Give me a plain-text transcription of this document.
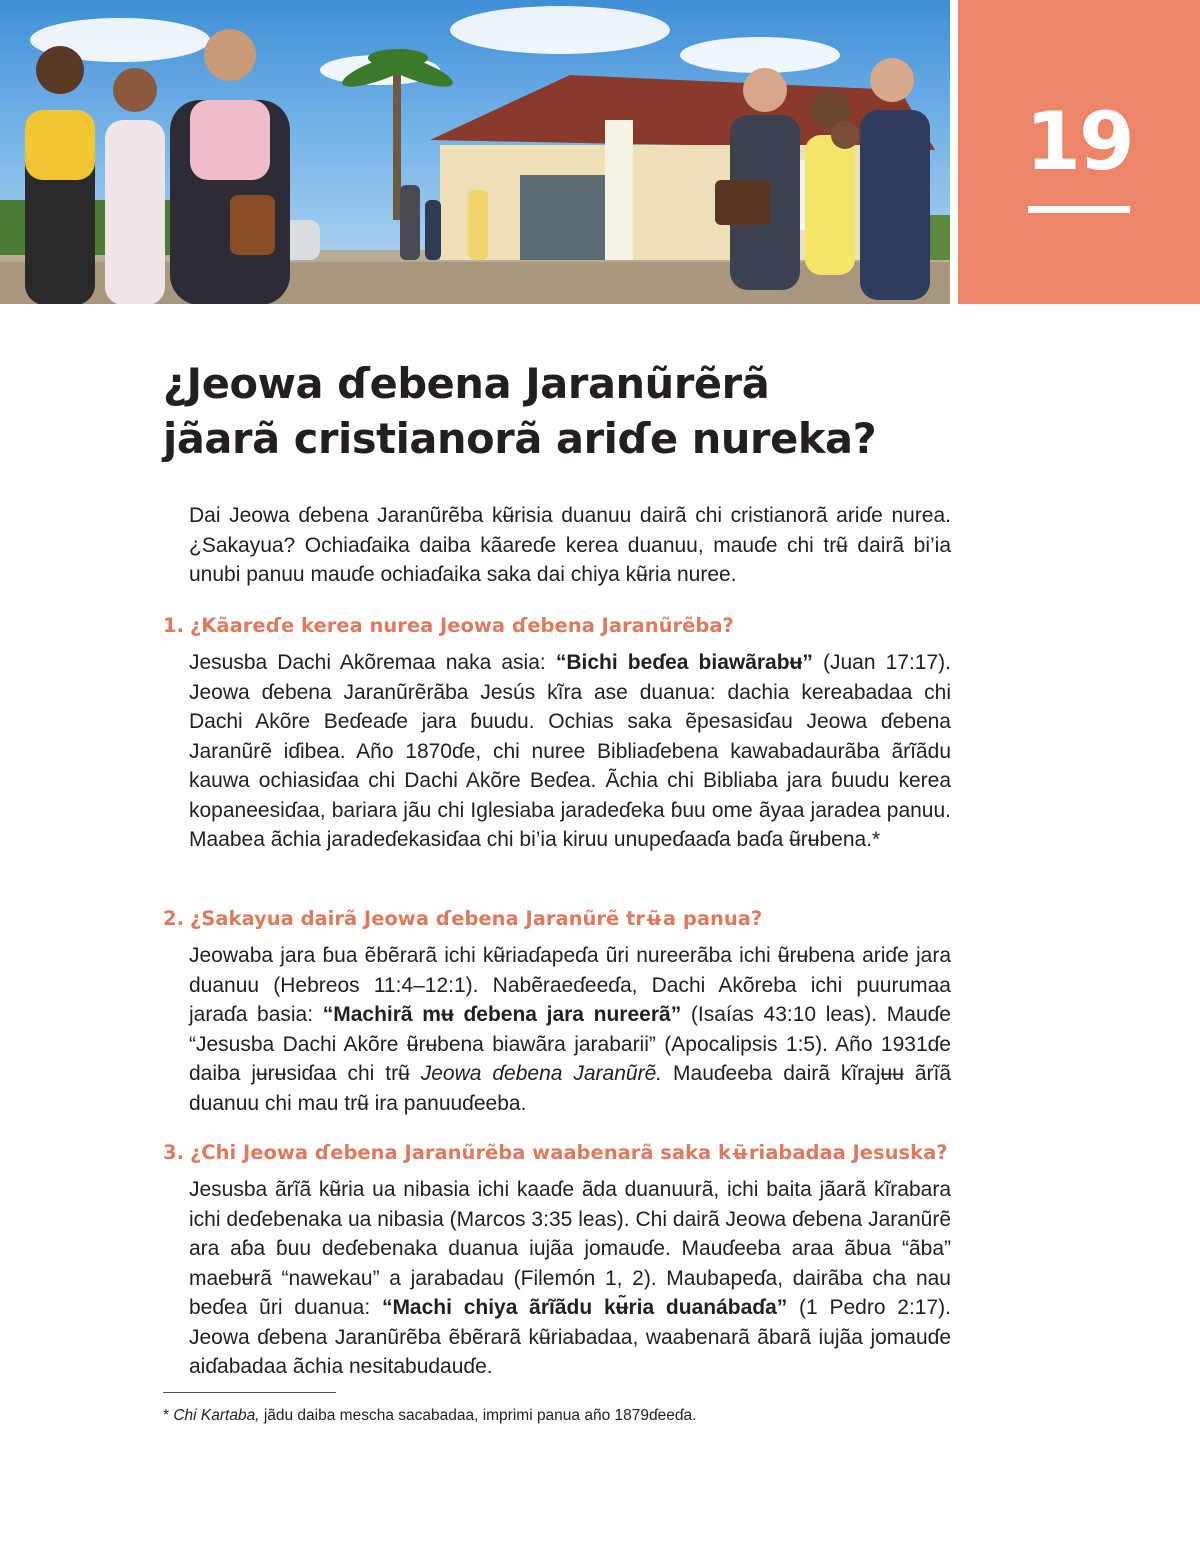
19
¿Jeowa ɗebena Jaranũrẽrã
jãarã cristianorã ariɗe nureka?

Dai Jeowa ɗebena Jaranũrẽba kʉ̃risia duanuu dairã chi cristianorã ariɗe nurea. ¿Sakayua? Ochiaɗaika daiba kãareɗe kerea duanuu, mauɗe chi trʉ̃ dairã bi’ia unubi panuu mauɗe ochiaɗaika saka dai chiya kʉ̃ria nuree.

1. ¿Kãareɗe kerea nurea Jeowa ɗebena Jaranũrẽba?

Jesusba Dachi Akõremaa naka asia: “Bichi beɗea biawãrabʉ” (Juan 17:17). Jeowa ɗebena Jaranũrẽrãba Jesús kĩra ase duanua: dachia kereabadaa chi Dachi Akõre Beɗeaɗe jara ɓuudu. Ochias saka ẽpesasiɗau Jeowa ɗebena Jaranũrẽ iɗibea. Año 1870ɗe, chi nuree Bibliaɗebena kawabadaurãba ãrĩãdu kauwa ochiasiɗaa chi Dachi Akõre Beɗea. Ãchia chi Bibliaba jara ɓuudu kerea kopaneesiɗaa, bariara jãu chi Iglesiaba jaradeɗeka ɓuu ome ãyaa jaradea panuu. Maabea ãchia jaradeɗekasiɗaa chi bi’ia kiruu unupeɗaaɗa baɗa ʉ̃rʉbena.*

2. ¿Sakayua dairã Jeowa ɗebena Jaranũrẽ trʉ̃a panua?

Jeowaba jara ɓua ẽbẽrarã ichi kʉ̃riaɗapeɗa ũri nureerãba ichi ʉ̃rʉbena ariɗe jara duanuu (Hebreos 11:4–12:1). Nabẽraeɗeeɗa, Dachi Akõreba ichi puurumaa jaraɗa basia: “Machirã mʉ ɗebena jara nureerã” (Isaías 43:10 leas). Mauɗe “Jesusba Dachi Akõre ʉ̃rʉbena biawãra jarabarii” (Apocalipsis 1:5). Año 1931ɗe daiba jʉrʉsiɗaa chi trʉ̃ Jeowa ɗebena Jaranũrẽ. Mauɗeeba dairã kĩrajʉʉ ãrĩã duanuu chi mau trʉ̃ ira panuuɗeeba.

3. ¿Chi Jeowa ɗebena Jaranũrẽba waabenarã saka kʉ̃riabadaa Jesuska?

Jesusba ãrĩã kʉ̃ria ua nibasia ichi kaaɗe ãda duanuurã, ichi baita jãarã kĩrabara ichi deɗebenaka ua nibasia (Marcos 3:35 leas). Chi dairã Jeowa ɗebena Jaranũrẽ ara aɓa ɓuu deɗebenaka duanua iujãa jomauɗe. Mauɗeeba araa ãbua “ãba” maebʉrã “nawekau” a jarabadau (Filemón 1, 2). Maubapeɗa, dairãba cha nau beɗea ũri duanua: “Machi chiya ãrĩãdu kʉ̃ria duanábaɗa” (1 Pedro 2:17). Jeowa ɗebena Jaranũrẽba ẽbẽrarã kʉ̃riabadaa, waabenarã ãbarã iujãa jomauɗe aiɗabadaa ãchia nesitabudauɗe.

* Chi Kartaba, jãdu daiba mescha sacabadaa, imprimi panua año 1879ɗeeɗa.
